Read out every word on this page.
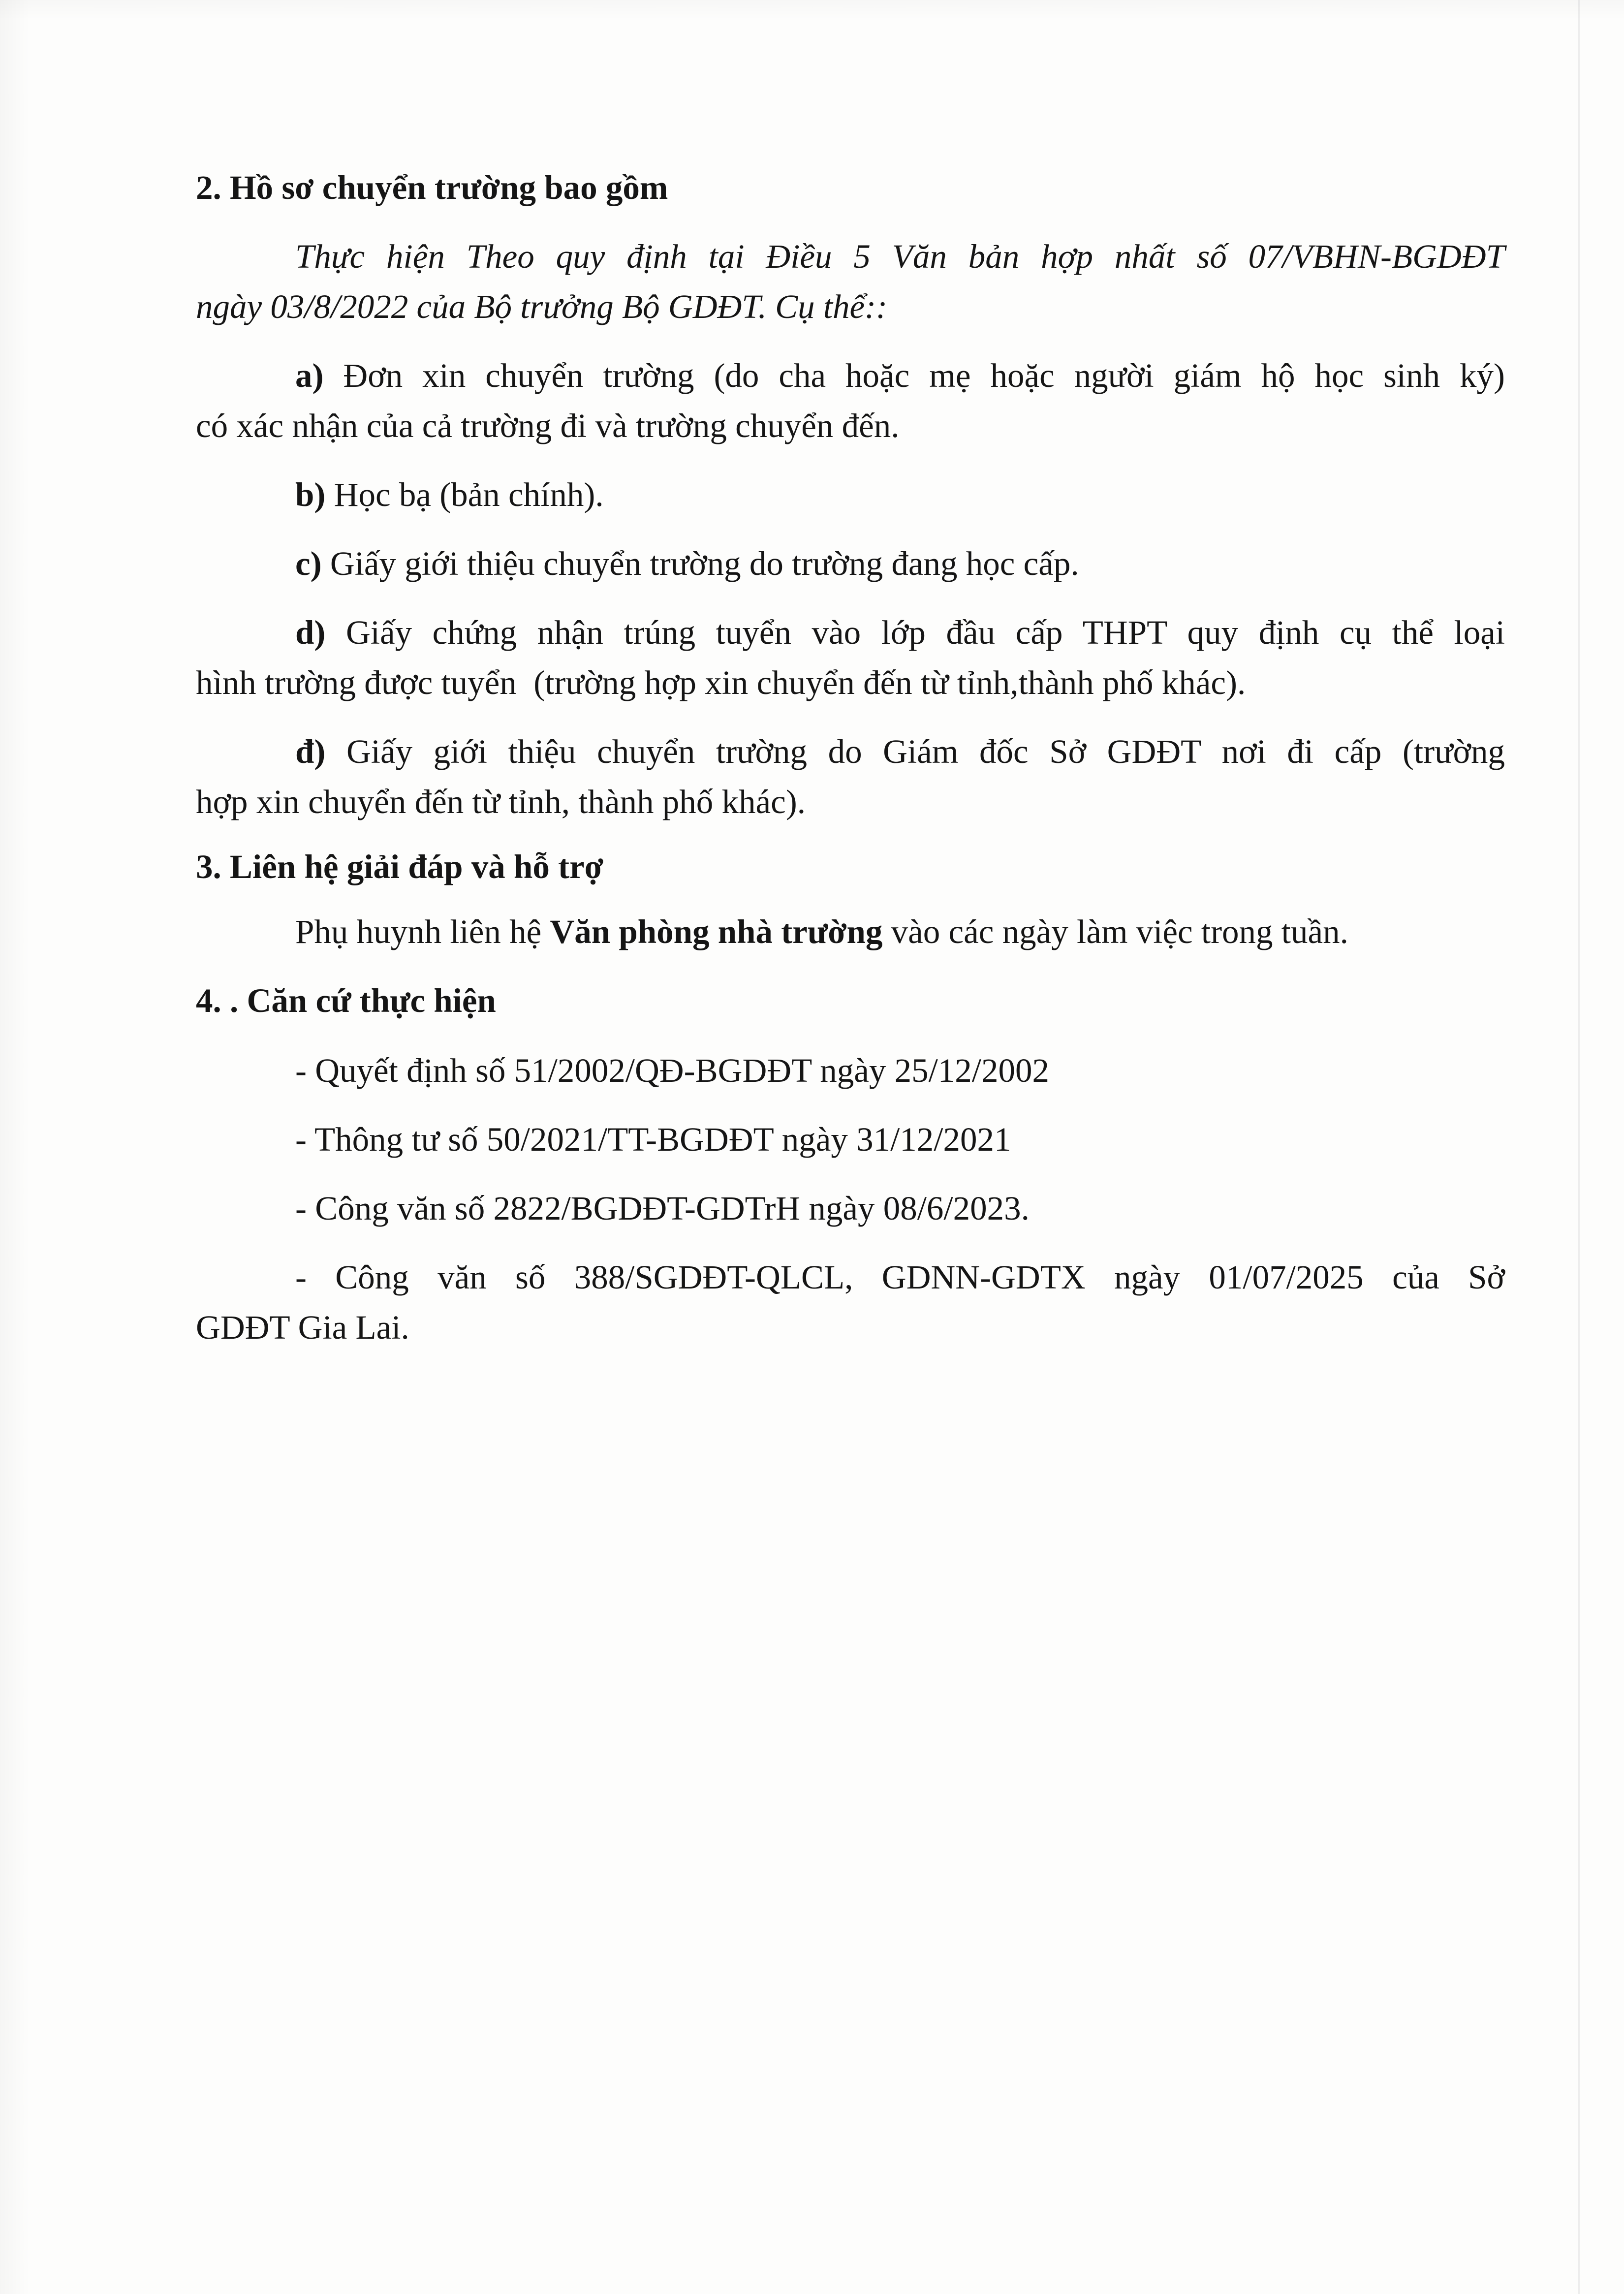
2. Hồ sơ chuyển trường bao gồm

Thực hiện Theo quy định tại Điều 5 Văn bản hợp nhất số 07/VBHN-BGDĐT
ngày 03/8/2022 của Bộ trưởng Bộ GDĐT. Cụ thể::

a) Đơn xin chuyển trường (do cha hoặc mẹ hoặc người giám hộ học sinh ký)
có xác nhận của cả trường đi và trường chuyển đến.

b) Học bạ (bản chính).

c) Giấy giới thiệu chuyển trường do trường đang học cấp.

d) Giấy chứng nhận trúng tuyển vào lớp đầu cấp THPT quy định cụ thể loại
hình trường được tuyển  (trường hợp xin chuyển đến từ tỉnh,thành phố khác).

đ) Giấy giới thiệu chuyển trường do Giám đốc Sở GDĐT nơi đi cấp (trường
hợp xin chuyển đến từ tỉnh, thành phố khác).

3. Liên hệ giải đáp và hỗ trợ

Phụ huynh liên hệ Văn phòng nhà trường vào các ngày làm việc trong tuần.

4. . Căn cứ thực hiện

- Quyết định số 51/2002/QĐ-BGDĐT ngày 25/12/2002

- Thông tư số 50/2021/TT-BGDĐT ngày 31/12/2021

- Công văn số 2822/BGDĐT-GDTrH ngày 08/6/2023.

- Công văn số 388/SGDĐT-QLCL, GDNN-GDTX ngày 01/07/2025 của Sở
GDĐT Gia Lai.
